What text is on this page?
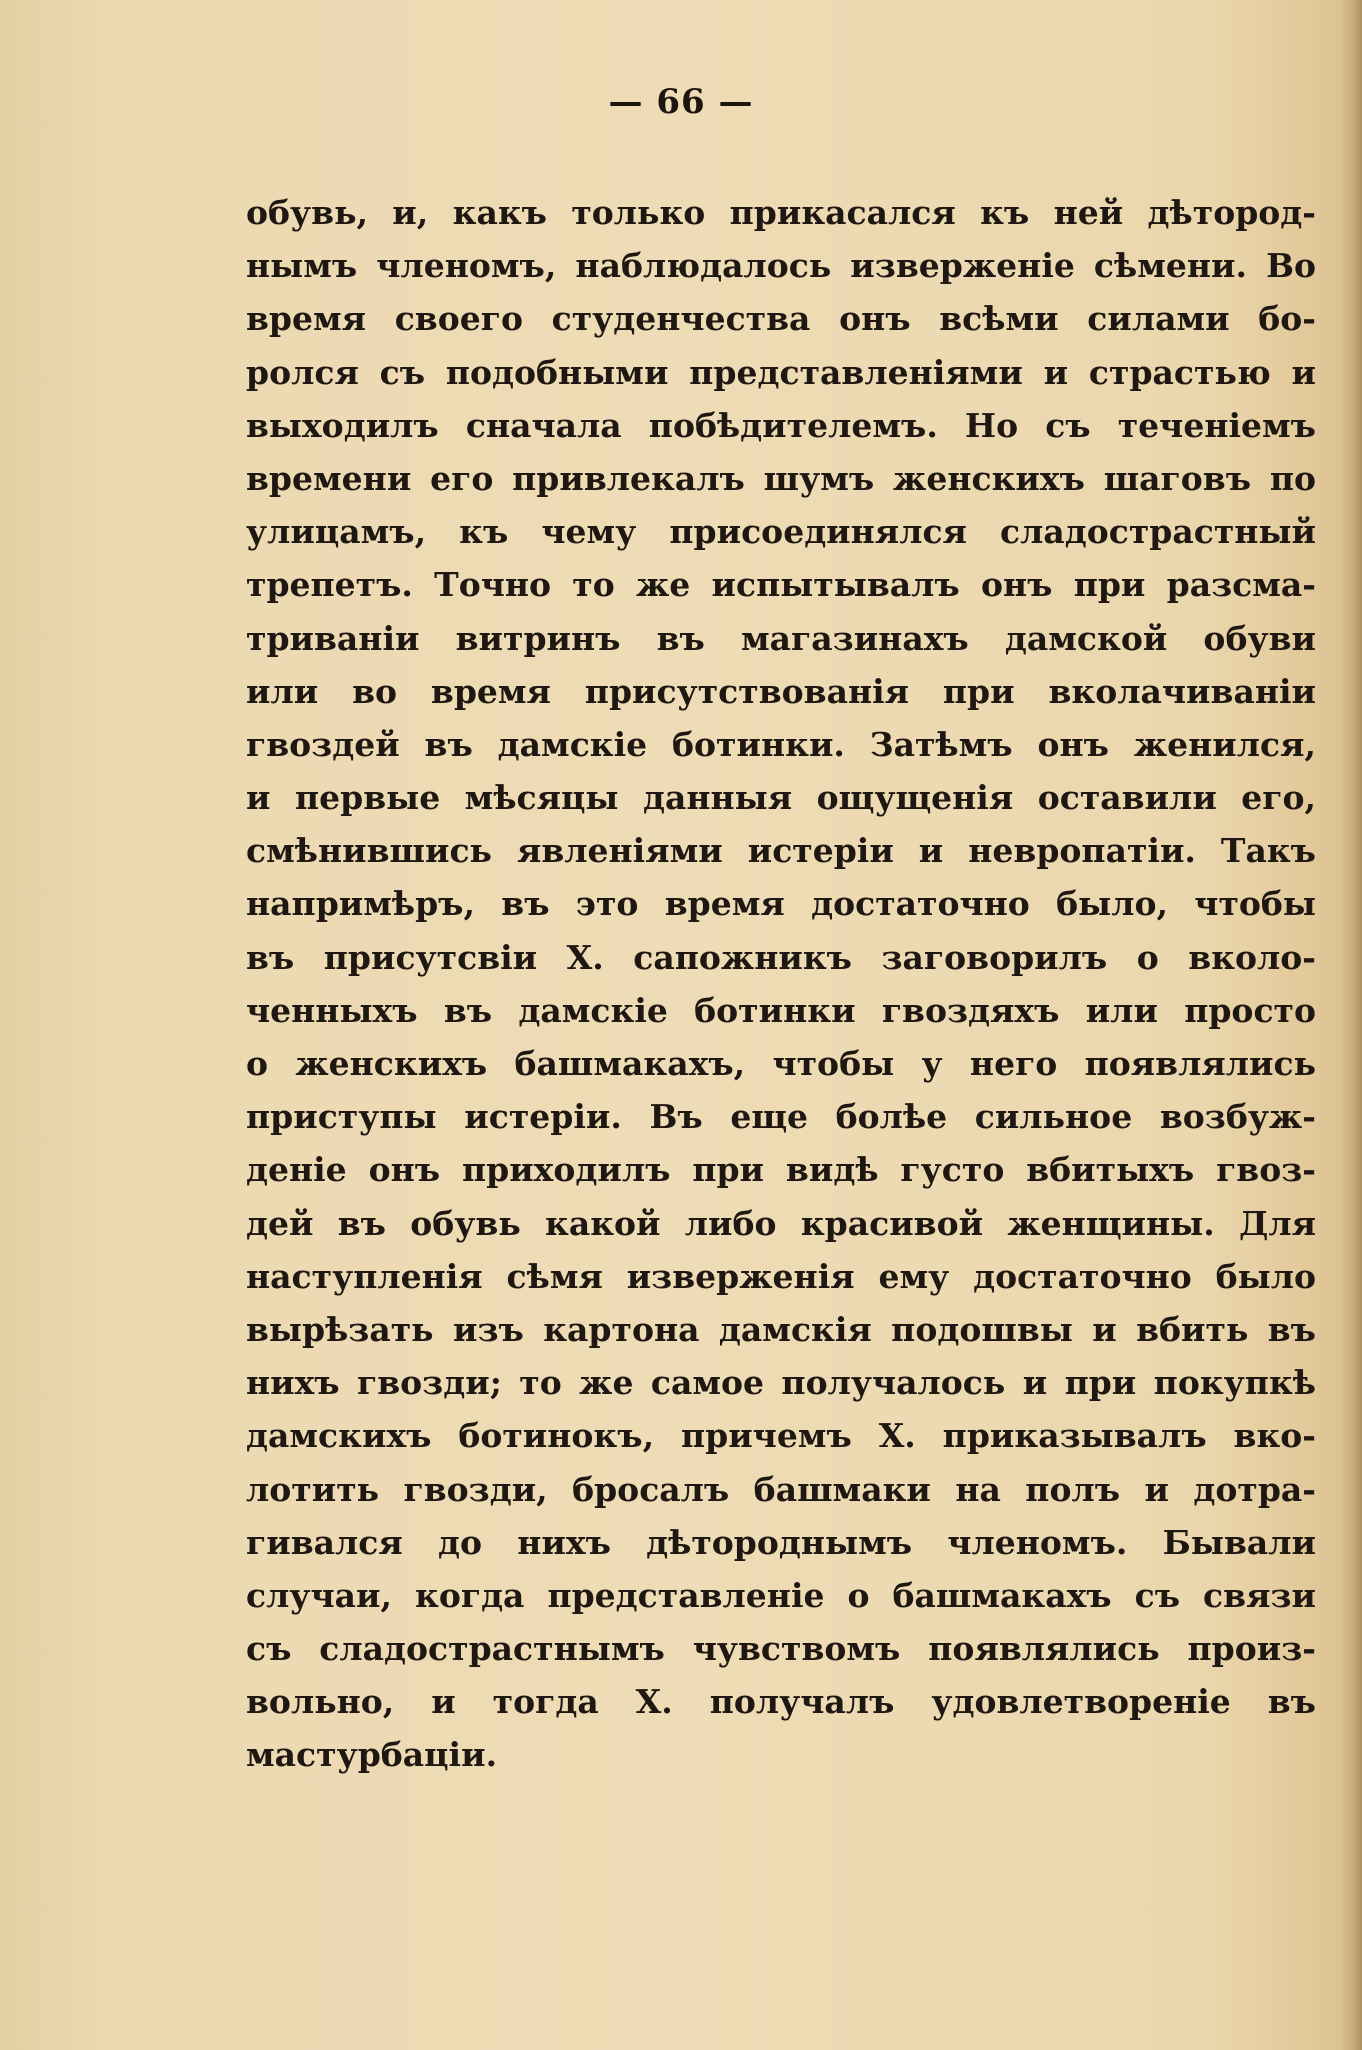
— 66 —
обувь, и, какъ только прикасался къ ней дѣтород-
нымъ членомъ, наблюдалось изверженіе сѣмени. Во
время своего студенчества онъ всѣми силами бо-
ролся съ подобными представленіями и страстью и
выходилъ сначала побѣдителемъ. Но съ теченіемъ
времени его привлекалъ шумъ женскихъ шаговъ по
улицамъ, къ чему присоединялся сладострастный
трепетъ. Точно то же испытывалъ онъ при разсма-
триваніи витринъ въ магазинахъ дамской обуви
или во время присутствованія при вколачиваніи
гвоздей въ дамскіе ботинки. Затѣмъ онъ женился,
и первые мѣсяцы данныя ощущенія оставили его,
смѣнившись явленіями истеріи и невропатіи. Такъ
напримѣръ, въ это время достаточно было, чтобы
въ присутсвіи X. сапожникъ заговорилъ о вколо-
ченныхъ въ дамскіе ботинки гвоздяхъ или просто
о женскихъ башмакахъ, чтобы у него появлялись
приступы истеріи. Въ еще болѣе сильное возбуж-
деніе онъ приходилъ при видѣ густо вбитыхъ гвоз-
дей въ обувь какой либо красивой женщины. Для
наступленія сѣмя изверженія ему достаточно было
вырѣзать изъ картона дамскія подошвы и вбить въ
нихъ гвозди; то же самое получалось и при покупкѣ
дамскихъ ботинокъ, причемъ X. приказывалъ вко-
лотить гвозди, бросалъ башмаки на полъ и дотра-
гивался до нихъ дѣтороднымъ членомъ. Бывали
случаи, когда представленіе о башмакахъ съ связи
съ сладострастнымъ чувствомъ появлялись произ-
вольно, и тогда X. получалъ удовлетвореніе въ
мастурбаціи.
